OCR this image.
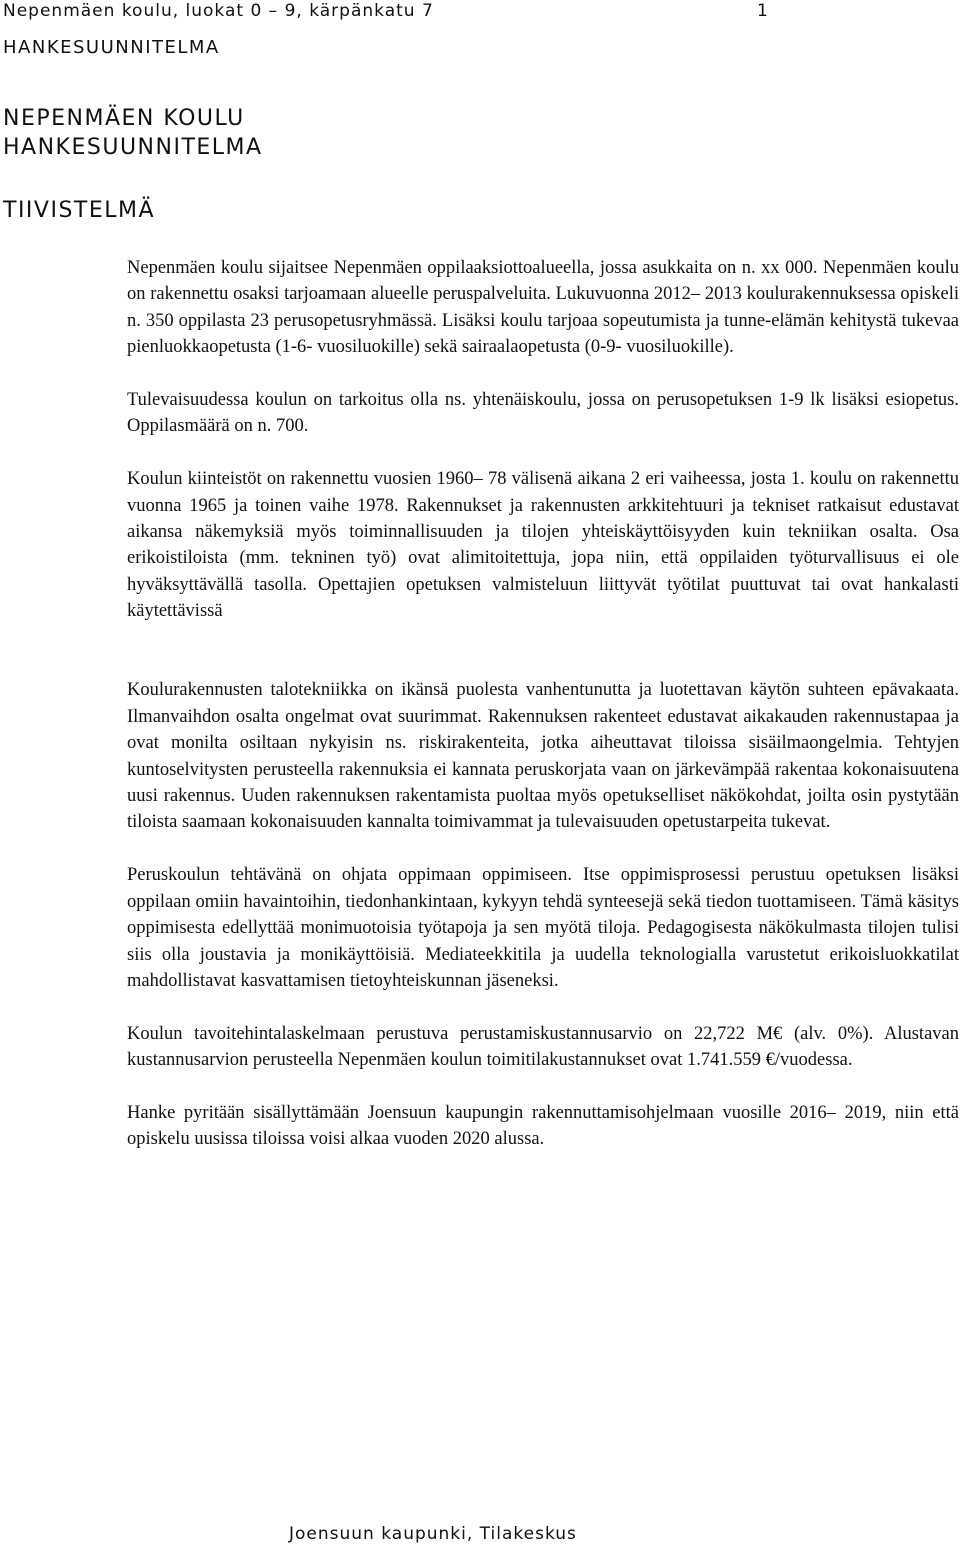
Nepenmäen koulu, luokat 0 – 9, kärpänkatu 7	1
HANKESUUNNITELMA
NEPENMÄEN KOULU
HANKESUUNNITELMA
TIIVISTELMÄ

Nepenmäen koulu sijaitsee Nepenmäen oppilaaksiottoalueella, jossa asukkaita on n. xx 000. Nepenmäen koulu on rakennettu osaksi tarjoamaan alueelle peruspalveluita. Lukuvuonna 2012– 2013 koulurakennuksessa opiskeli n. 350 oppilasta 23 perusopetusryhmässä. Lisäksi koulu tarjoaa sopeutumista ja tunne-elämän kehitystä tukevaa pienluokkaopetusta (1-6- vuosiluokille) sekä sairaalaopetusta (0-9- vuosiluokille).

Tulevaisuudessa koulun on tarkoitus olla ns. yhtenäiskoulu, jossa on perusopetuksen 1-9 lk lisäksi esiopetus. Oppilasmäärä on n. 700.

Koulun kiinteistöt on rakennettu vuosien 1960– 78 välisenä aikana 2 eri vaiheessa, josta 1. koulu on rakennettu vuonna 1965 ja toinen vaihe 1978. Rakennukset ja rakennusten arkkitehtuuri ja tekniset ratkaisut edustavat aikansa näkemyksiä myös toiminnallisuuden ja tilojen yhteiskäyttöisyyden kuin tekniikan osalta. Osa erikoistiloista (mm. tekninen työ) ovat alimitoitettuja, jopa niin, että oppilaiden työturvallisuus ei ole hyväksyttävällä tasolla. Opettajien opetuksen valmisteluun liittyvät työtilat puuttuvat tai ovat hankalasti käytettävissä

Koulurakennusten talotekniikka on ikänsä puolesta vanhentunutta ja luotettavan käytön suhteen epävakaata. Ilmanvaihdon osalta ongelmat ovat suurimmat. Rakennuksen rakenteet edustavat aikakauden rakennustapaa ja ovat monilta osiltaan nykyisin ns. riskirakenteita, jotka aiheuttavat tiloissa sisäilmaongelmia. Tehtyjen kuntoselvitysten perusteella rakennuksia ei kannata peruskorjata vaan on järkevämpää rakentaa kokonaisuutena uusi rakennus. Uuden rakennuksen rakentamista puoltaa myös opetukselliset näkökohdat, joilta osin pystytään tiloista saamaan kokonaisuuden kannalta toimivammat ja tulevaisuuden opetustarpeita tukevat.

Peruskoulun tehtävänä on ohjata oppimaan oppimiseen. Itse oppimisprosessi perustuu opetuksen lisäksi oppilaan omiin havaintoihin, tiedonhankintaan, kykyyn tehdä synteesejä sekä tiedon tuottamiseen. Tämä käsitys oppimisesta edellyttää monimuotoisia työtapoja ja sen myötä tiloja. Pedagogisesta näkökulmasta tilojen tulisi siis olla joustavia ja monikäyttöisiä. Mediateekkitila ja uudella teknologialla varustetut erikoisluokkatilat mahdollistavat kasvattamisen tietoyhteiskunnan jäseneksi.

Koulun tavoitehintalaskelmaan perustuva perustamiskustannusarvio on 22,722 M€ (alv. 0%). Alustavan kustannusarvion perusteella Nepenmäen koulun toimitilakustannukset ovat 1.741.559 €/vuodessa.

Hanke pyritään sisällyttämään Joensuun kaupungin rakennuttamisohjelmaan vuosille 2016– 2019, niin että opiskelu uusissa tiloissa voisi alkaa vuoden 2020 alussa.

Joensuun kaupunki, Tilakeskus
